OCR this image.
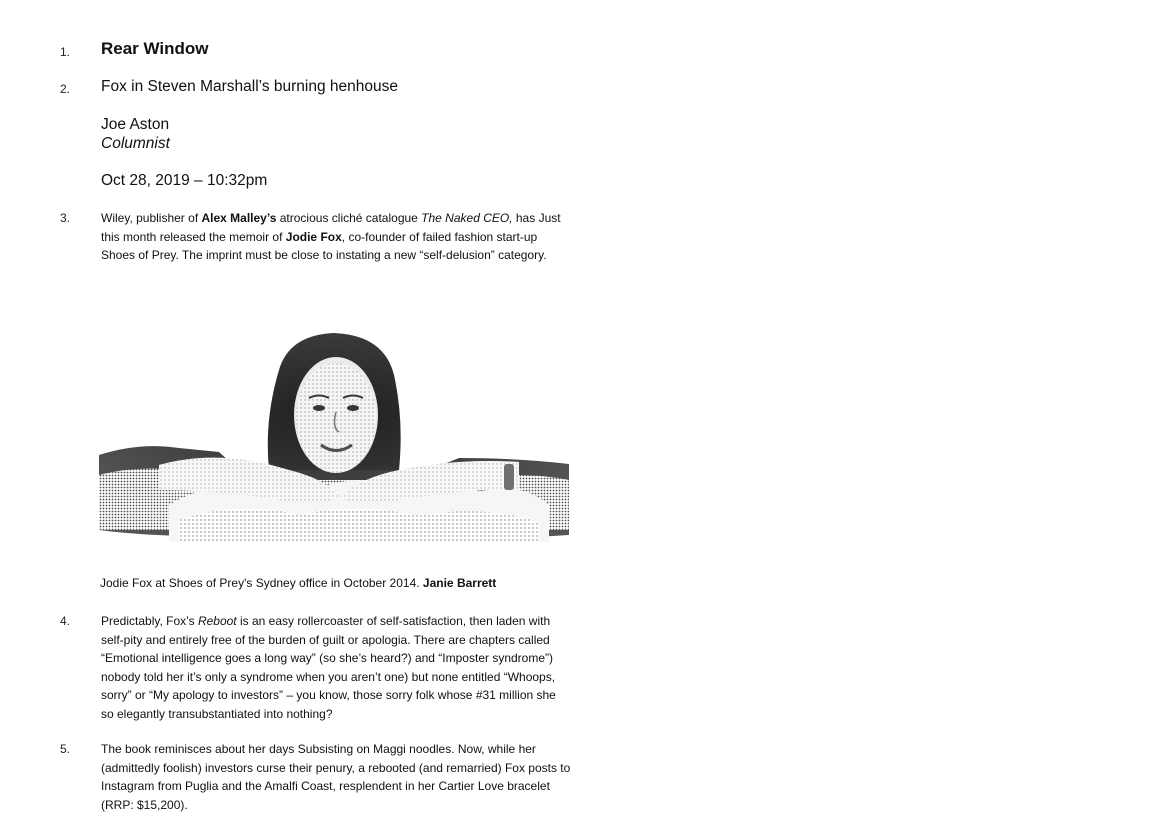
1. Rear Window
2. Fox in Steven Marshall’s burning henhouse
Joe Aston
Columnist
Oct 28, 2019 – 10:32pm
3.	Wiley, publisher of Alex Malley’s atrocious cliché catalogue The Naked CEO, has Just this month released the memoir of Jodie Fox, co-founder of failed fashion start-up Shoes of Prey. The imprint must be close to instating a new “self-delusion” category.
Jodie Fox at Shoes of Prey's Sydney office in October 2014. Janie Barrett
4.	Predictably, Fox’s Reboot is an easy rollercoaster of self-satisfaction, then laden with self-pity and entirely free of the burden of guilt or apologia. There are chapters called “Emotional intelligence goes a long way” (so she’s heard?) and “Imposter syndrome”) nobody told her it’s only a syndrome when you aren’t one) but none entitled “Whoops, sorry” or “My apology to investors” – you know, those sorry folk whose #31 million she so elegantly transubstantiated into nothing?
5.	The book reminisces about her days Subsisting on Maggi noodles. Now, while her (admittedly foolish) investors curse their penury, a rebooted (and remarried) Fox posts to Instagram from Puglia and the Amalfi Coast, resplendent in her Cartier Love bracelet (RRP: $15,200).
